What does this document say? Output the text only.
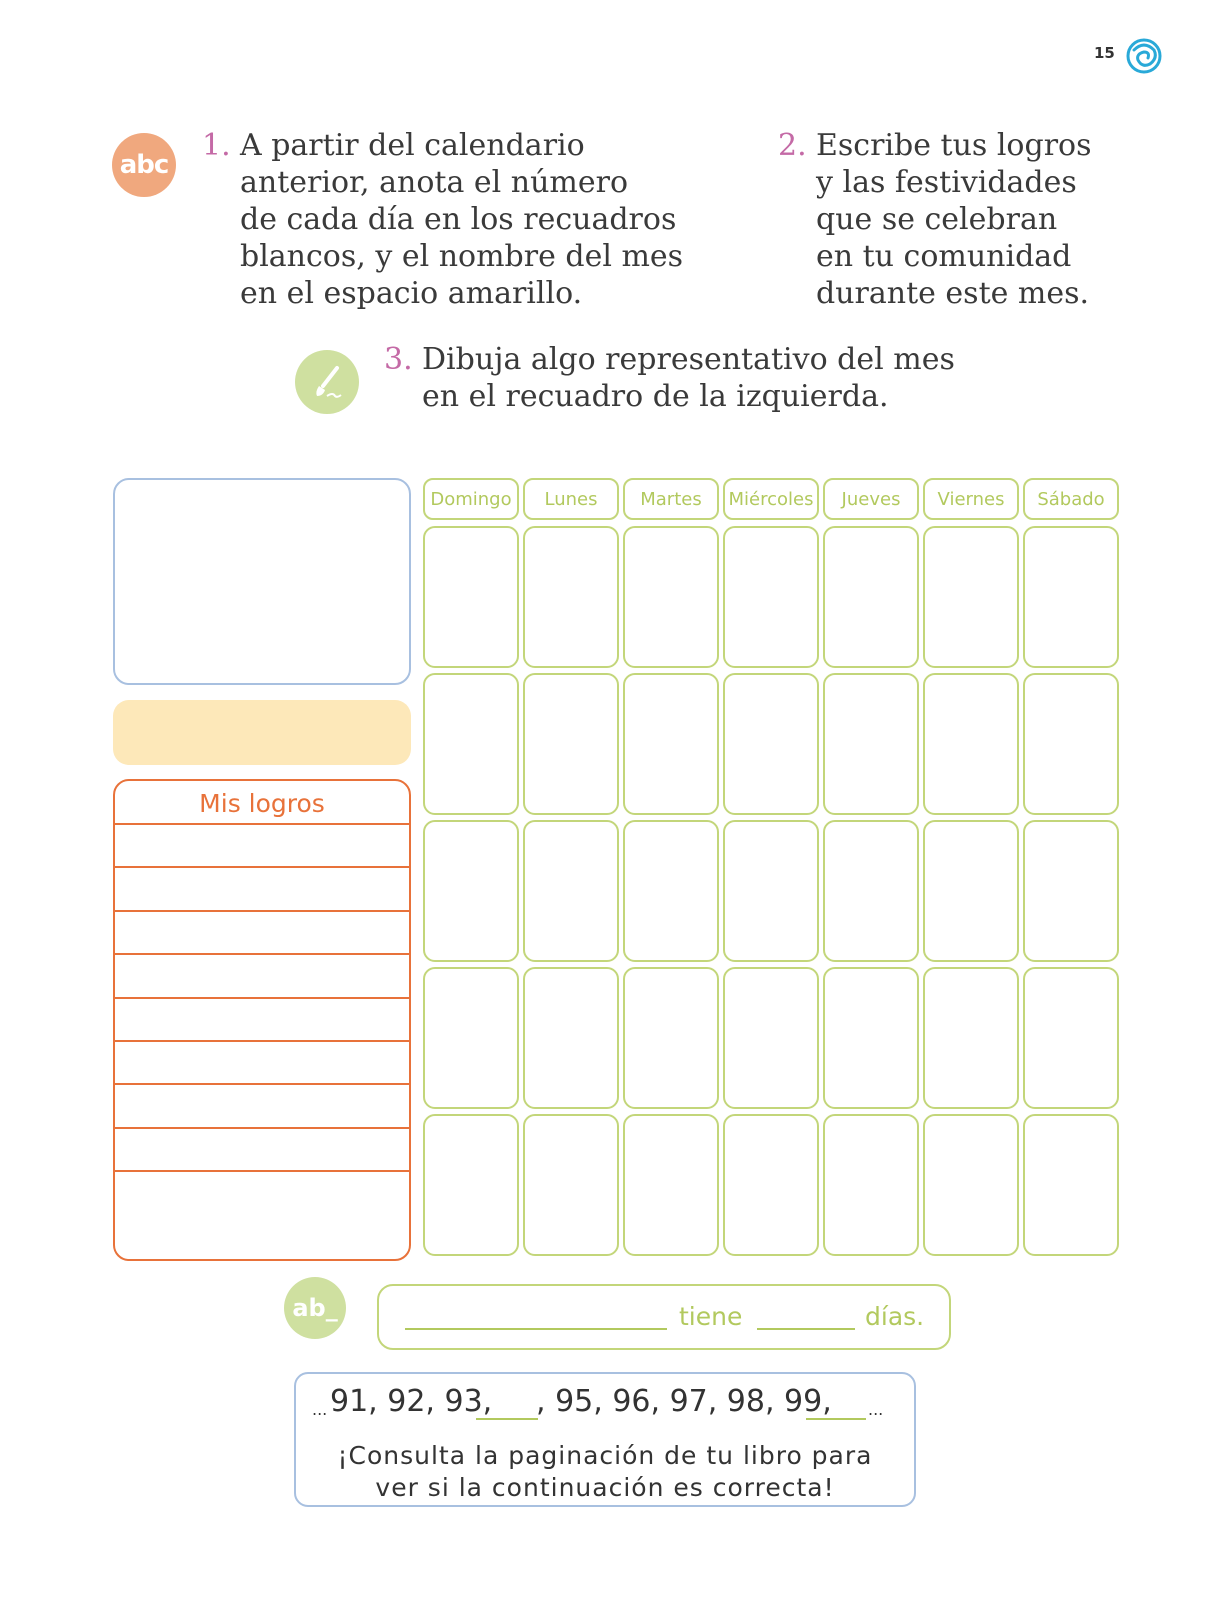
15
abc
ab_
1. A partir del calendario
anterior, anota el número
de cada día en los recuadros
blancos, y el nombre del mes
en el espacio amarillo.
2. Escribe tus logros
y las festividades
que se celebran
en tu comunidad
durante este mes.
3. Dibuja algo representativo del mes
en el recuadro de la izquierda.
Mis logros
Domingo	Lunes	Martes	Miércoles	Jueves	Viernes	Sábado
tiene	días.
... 91, 92, 93, , 95, 96, 97, 98, 99, ...
¡Consulta la paginación de tu libro para
ver si la continuación es correcta!
